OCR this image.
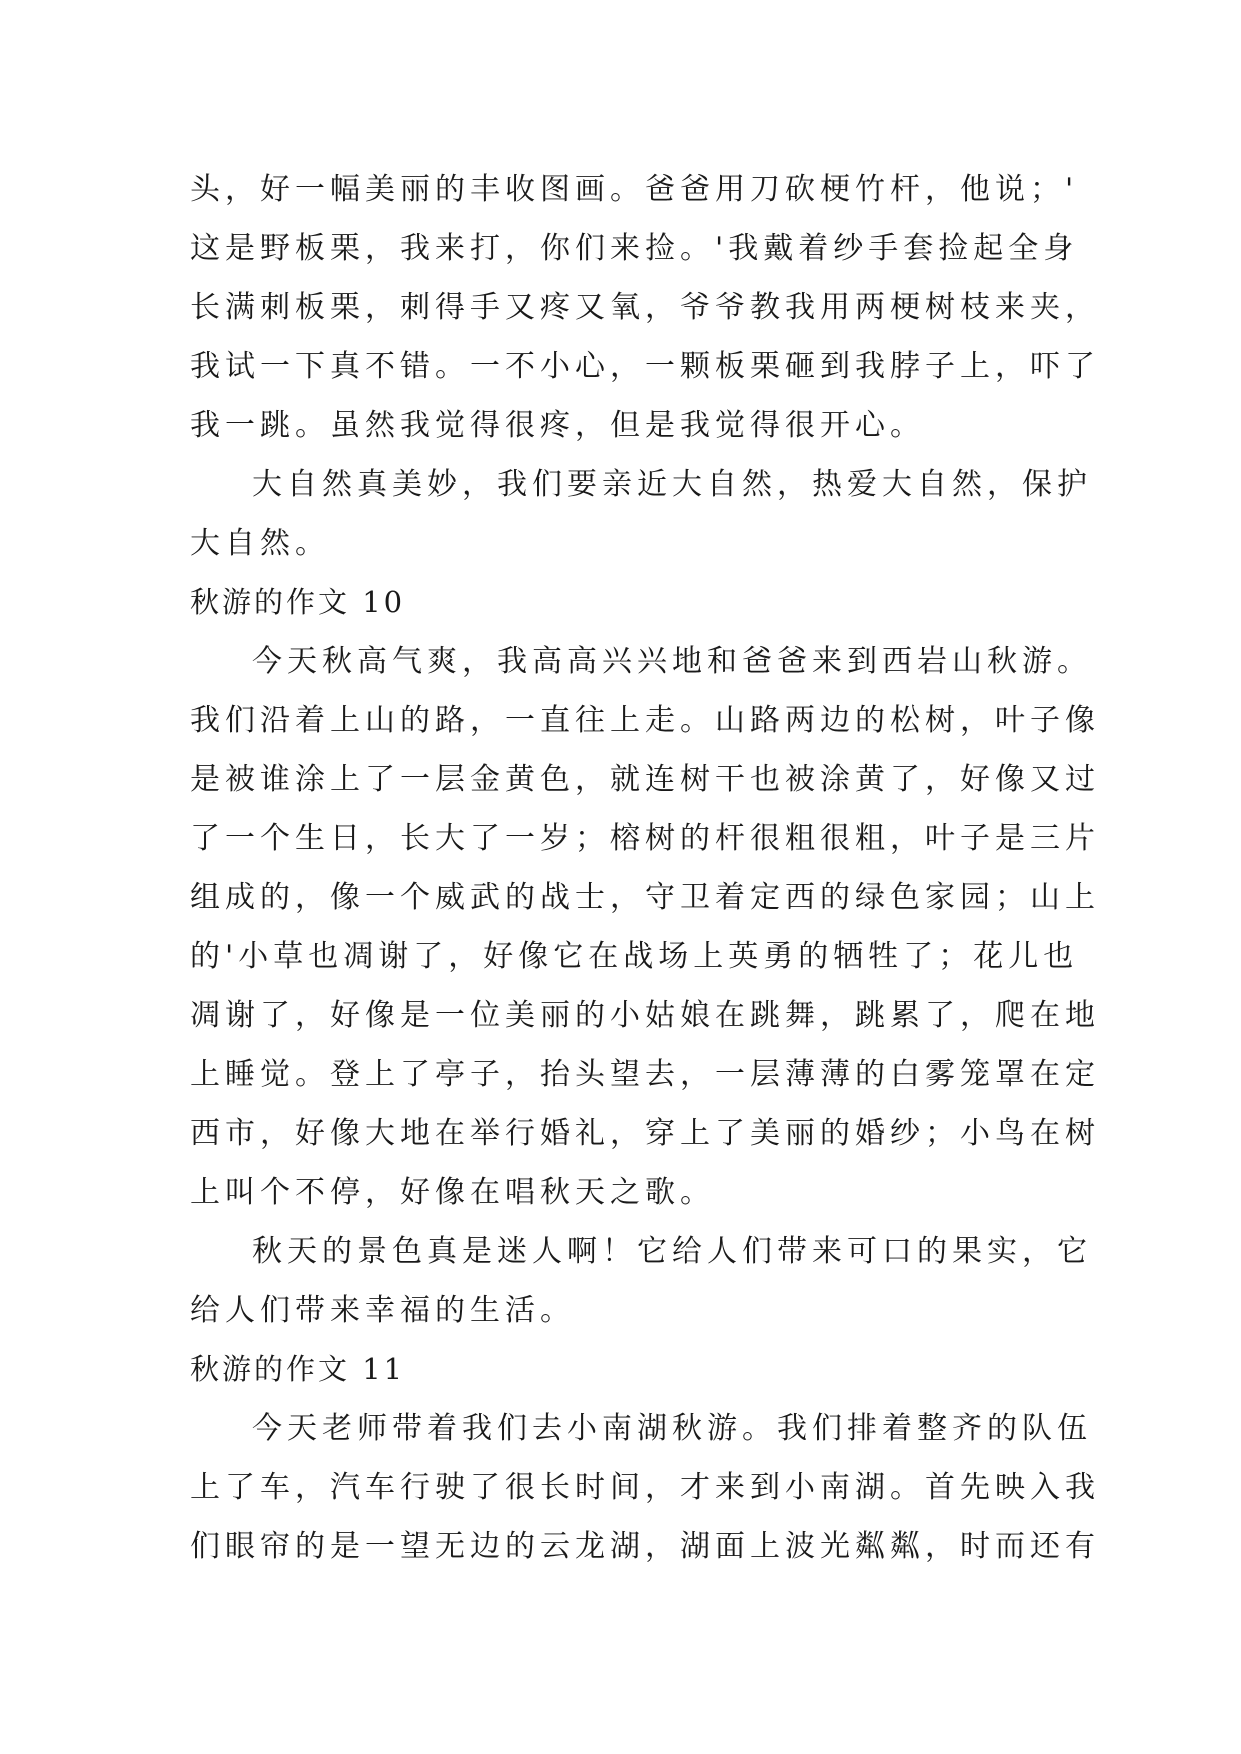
头，好一幅美丽的丰收图画。爸爸用刀砍梗竹杆，他说；'
这是野板栗，我来打，你们来捡。'我戴着纱手套捡起全身
长满刺板栗，刺得手又疼又氧，爷爷教我用两梗树枝来夹，
我试一下真不错。一不小心，一颗板栗砸到我脖子上，吓了
我一跳。虽然我觉得很疼，但是我觉得很开心。
大自然真美妙，我们要亲近大自然，热爱大自然，保护
大自然。
秋游的作文 10
今天秋高气爽，我高高兴兴地和爸爸来到西岩山秋游。
我们沿着上山的路，一直往上走。山路两边的松树，叶子像
是被谁涂上了一层金黄色，就连树干也被涂黄了，好像又过
了一个生日，长大了一岁；榕树的杆很粗很粗，叶子是三片
组成的，像一个威武的战士，守卫着定西的绿色家园；山上
的'小草也凋谢了，好像它在战场上英勇的牺牲了；花儿也
凋谢了，好像是一位美丽的小姑娘在跳舞，跳累了，爬在地
上睡觉。登上了亭子，抬头望去，一层薄薄的白雾笼罩在定
西市，好像大地在举行婚礼，穿上了美丽的婚纱；小鸟在树
上叫个不停，好像在唱秋天之歌。
秋天的景色真是迷人啊！它给人们带来可口的果实，它
给人们带来幸福的生活。
秋游的作文 11
今天老师带着我们去小南湖秋游。我们排着整齐的队伍
上了车，汽车行驶了很长时间，才来到小南湖。首先映入我
们眼帘的是一望无边的云龙湖，湖面上波光粼粼，时而还有
